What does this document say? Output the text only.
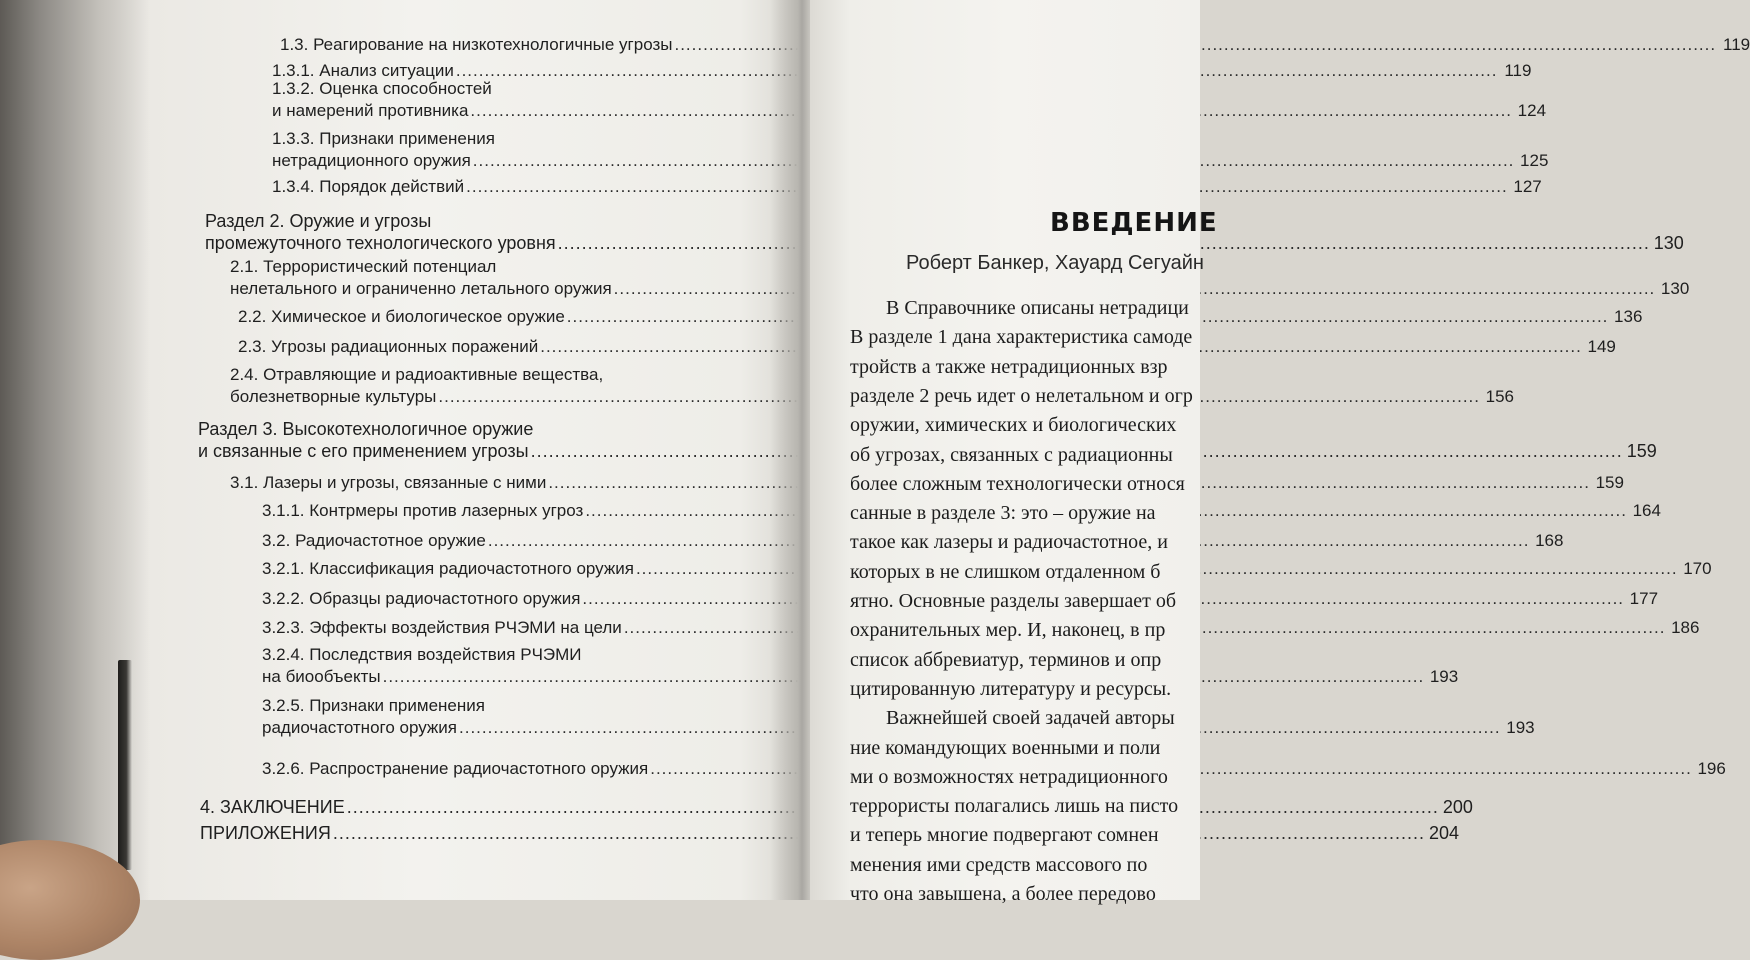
1.3. Реагирование на низкотехнологичные угрозы .....	119
1.3.1. Анализ ситуации .....	119
1.3.2. Оценка способностей
и намерений противника .....	124
1.3.3. Признаки применения
нетрадиционного оружия .....	125
1.3.4. Порядок действий .....	127
Раздел 2. Оружие и угрозы
промежуточного технологического уровня .....	130
2.1. Террористический потенциал
нелетального и ограниченно летального оружия .....	130
2.2. Химическое и биологическое оружие .....	136
2.3. Угрозы радиационных поражений .....	149
2.4. Отравляющие и радиоактивные вещества,
болезнетворные культуры .....	156
Раздел 3. Высокотехнологичное оружие
и связанные с его применением угрозы .....	159
3.1. Лазеры и угрозы, связанные с ними .....	159
3.1.1. Контрмеры против лазерных угроз .....	164
3.2. Радиочастотное оружие .....	168
3.2.1. Классификация радиочастотного оружия .....	170
3.2.2. Образцы радиочастотного оружия .....	177
3.2.3. Эффекты воздействия РЧЭМИ на цели .....	186
3.2.4. Последствия воздействия РЧЭМИ
на биообъекты .....	193
3.2.5. Признаки применения
радиочастотного оружия .....	193
3.2.6. Распространение радиочастотного оружия .....	196
4. ЗАКЛЮЧЕНИЕ .....	200
ПРИЛОЖЕНИЯ .....	204
ВВЕДЕНИЕ
Роберт Банкер, Хауард Сегуайн
В Справочнике описаны нетрадици
В разделе 1 дана характеристика самоде
тройств а также нетрадиционных взр
разделе 2 речь идет о нелетальном и огр
оружии, химических и биологических
об угрозах, связанных с радиационны
более сложным технологически относя
санные в разделе 3: это – оружие на
такое как лазеры и радиочастотное, и
которых в не слишком отдаленном б
ятно. Основные разделы завершает об
охранительных мер. И, наконец, в пр
список аббревиатур, терминов и опр
цитированную литературу и ресурсы.
Важнейшей своей задачей авторы
ние командующих военными и поли
ми о возможностях нетрадиционного
террористы полагались лишь на писто
и теперь многие подвергают сомнен
менения ими средств массового по
что она завышена, а более передово
